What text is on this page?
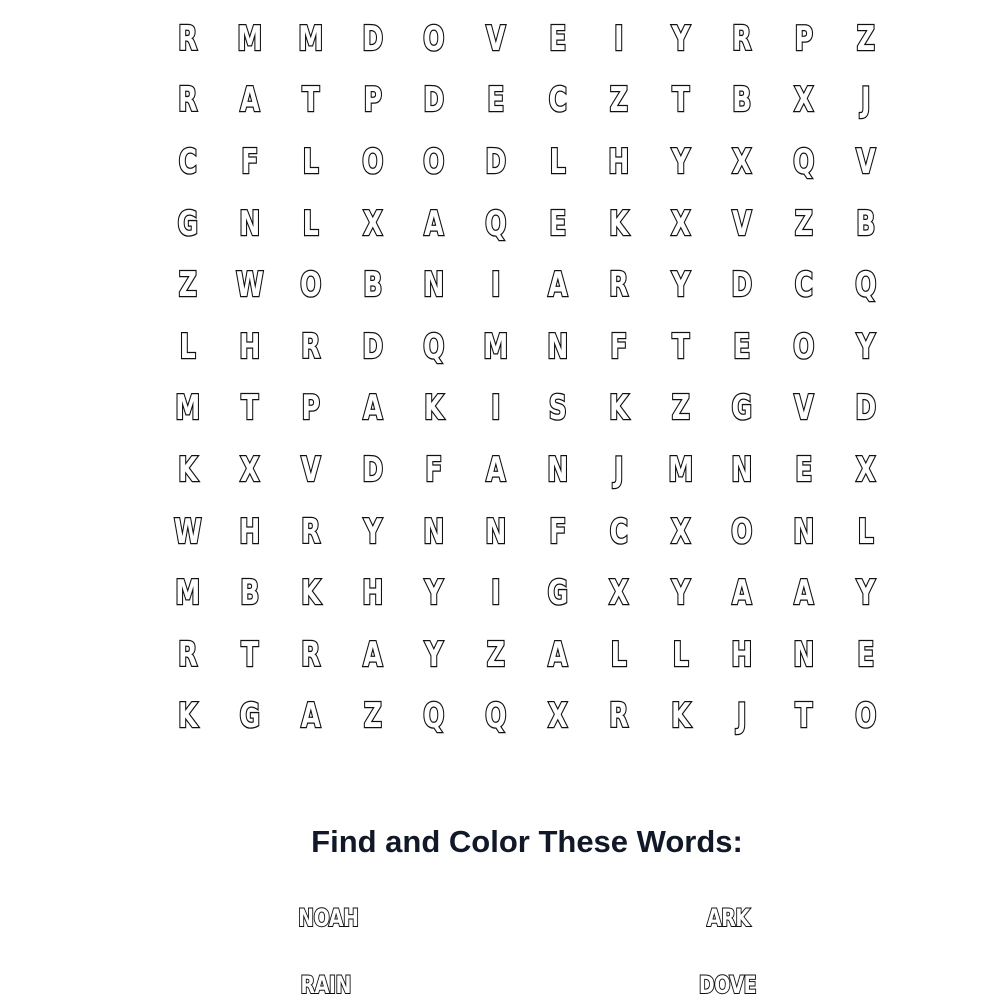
R	M	M	D	O	V	E	I	Y	R	P	Z
R	A	T	P	D	E	C	Z	T	B	X	J
C	F	L	O	O	D	L	H	Y	X	Q	V
G	N	L	X	A	Q	E	K	X	V	Z	B
Z	W	O	B	N	I	A	R	Y	D	C	Q
L	H	R	D	Q	M	N	F	T	E	O	Y
M	T	P	A	K	I	S	K	Z	G	V	D
K	X	V	D	F	A	N	J	M	N	E	X
W	H	R	Y	N	N	F	C	X	O	N	L
M	B	K	H	Y	I	G	X	Y	A	A	Y
R	T	R	A	Y	Z	A	L	L	H	N	E
K	G	A	Z	Q	Q	X	R	K	J	T	O
Find and Color These Words:
NOAH	ARK
RAIN	DOVE
